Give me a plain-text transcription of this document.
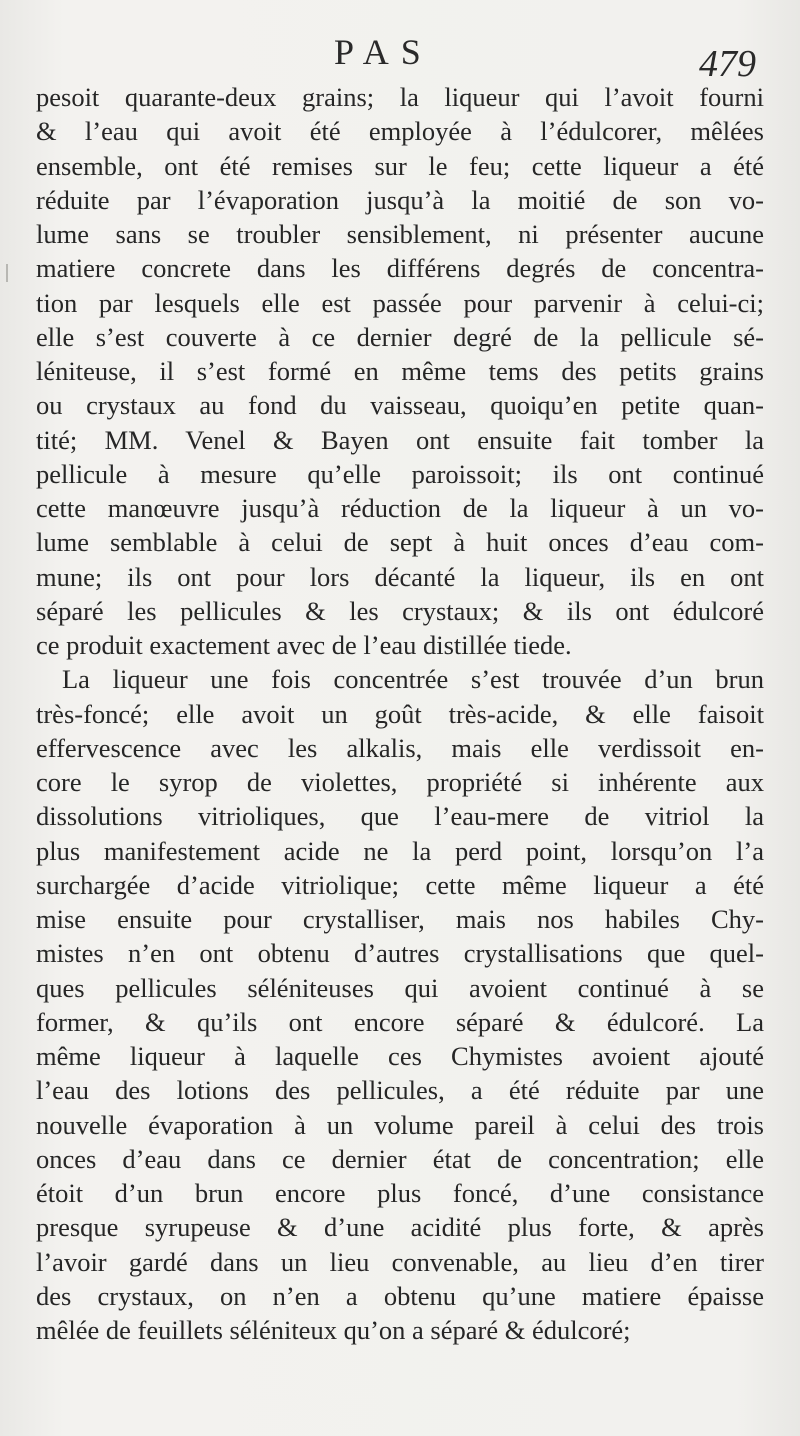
PAS	479
pesoit quarante-deux grains; la liqueur qui l’avoit fourni
& l’eau qui avoit été employée à l’édulcorer, mêlées
ensemble, ont été remises sur le feu; cette liqueur a été
réduite par l’évaporation jusqu’à la moitié de son vo-
lume sans se troubler sensiblement, ni présenter aucune
matiere concrete dans les différens degrés de concentra-
tion par lesquels elle est passée pour parvenir à celui-ci;
elle s’est couverte à ce dernier degré de la pellicule sé-
léniteuse, il s’est formé en même tems des petits grains
ou crystaux au fond du vaisseau, quoiqu’en petite quan-
tité; MM. Venel & Bayen ont ensuite fait tomber la
pellicule à mesure qu’elle paroissoit; ils ont continué
cette manœuvre jusqu’à réduction de la liqueur à un vo-
lume semblable à celui de sept à huit onces d’eau com-
mune; ils ont pour lors décanté la liqueur, ils en ont
séparé les pellicules & les crystaux; & ils ont édulcoré
ce produit exactement avec de l’eau distillée tiede.
La liqueur une fois concentrée s’est trouvée d’un brun
très-foncé; elle avoit un goût très-acide, & elle faisoit
effervescence avec les alkalis, mais elle verdissoit en-
core le syrop de violettes, propriété si inhérente aux
dissolutions vitrioliques, que l’eau-mere de vitriol la
plus manifestement acide ne la perd point, lorsqu’on l’a
surchargée d’acide vitriolique; cette même liqueur a été
mise ensuite pour crystalliser, mais nos habiles Chy-
mistes n’en ont obtenu d’autres crystallisations que quel-
ques pellicules séléniteuses qui avoient continué à se
former, & qu’ils ont encore séparé & édulcoré. La
même liqueur à laquelle ces Chymistes avoient ajouté
l’eau des lotions des pellicules, a été réduite par une
nouvelle évaporation à un volume pareil à celui des trois
onces d’eau dans ce dernier état de concentration; elle
étoit d’un brun encore plus foncé, d’une consistance
presque syrupeuse & d’une acidité plus forte, & après
l’avoir gardé dans un lieu convenable, au lieu d’en tirer
des crystaux, on n’en a obtenu qu’une matiere épaisse
mêlée de feuillets séléniteux qu’on a séparé & édulcoré;
